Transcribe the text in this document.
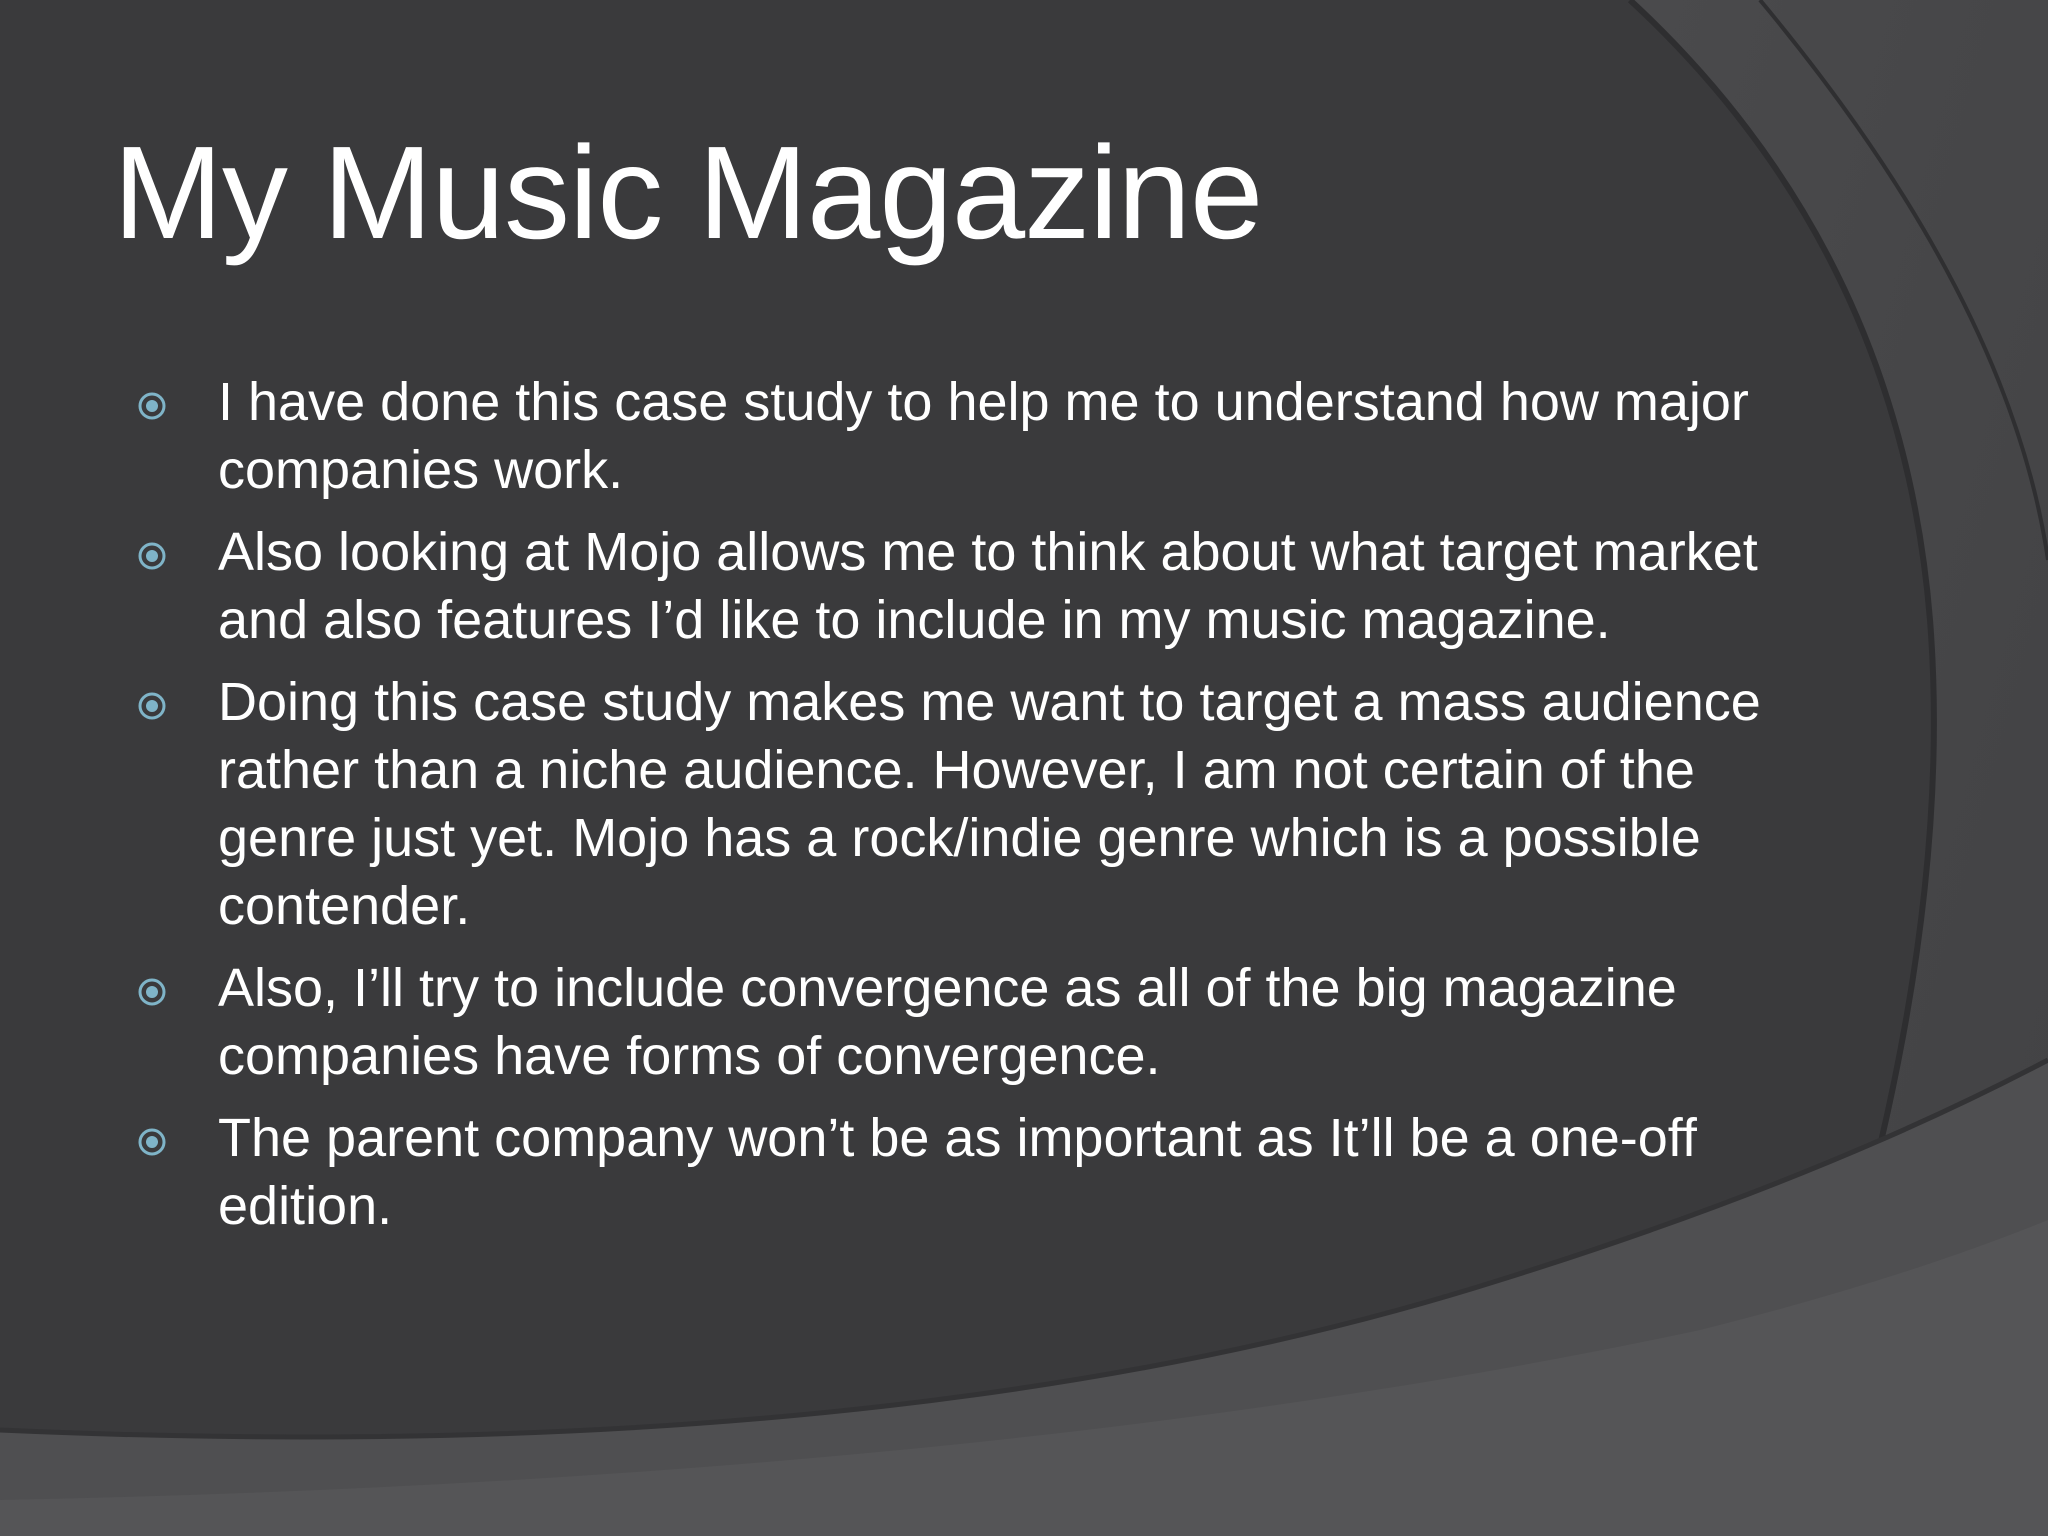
My Music Magazine
I have done this case study to help me to understand how major companies work.
Also looking at Mojo allows me to think about what target market and also features I’d like to include in my music magazine.
Doing this case study makes me want to target a mass audience rather than a niche audience. However, I am not certain of the genre just yet. Mojo has a rock/indie genre which is a possible contender.
Also, I’ll try to include convergence as all of the big magazine companies have forms of convergence.
The parent company won’t be as important as It’ll be a one-off edition.
